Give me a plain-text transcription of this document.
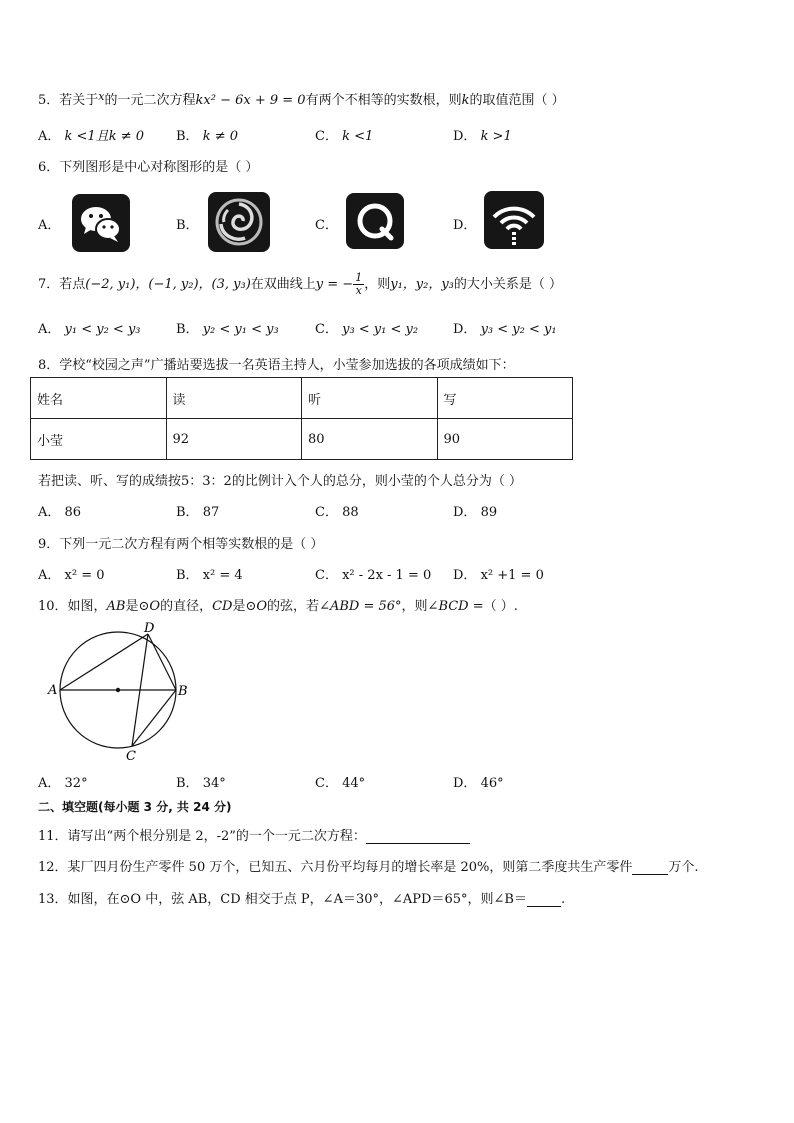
5．若关于$^x$的一元二次方程kx² − 6x + 9 = 0有两个不相等的实数根，则k的取值范围（ ）
A． k <1且k ≠ 0 B． k ≠ 0	C． k <1	D． k >1
6．下列图形是中心对称图形的是（ ）
A．	B．	C．	D．
7．若点(−2, y₁)，(−1, y₂)，(3, y₃)在双曲线上y = − $\frac{1}{x}$ ，则y₁，y₂，y₃的大小关系是（ ）
A． y₁ < y₂ < y₃	B． y₂ < y₁ < y₃	C． y₃ < y₁ < y₂	D． y₃ < y₂ < y₁
8．学校“校园之声”广播站要选拔一名英语主持人，小莹参加选拔的各项成绩如下：
姓名	读	听	写
小莹	92	80	90
若把读、听、写的成绩按5：3：2的比例计入个人的总分，则小莹的个人总分为（ ）
A． 86	B． 87	C． 88	D． 89
9．下列一元二次方程有两个相等实数根的是（ ）
A． x² = 0	B． x² = 4	C． x² - 2x - 1 = 0 D． x² +1 = 0
10．如图，AB是⊙O的直径，CD是⊙O的弦，若∠ABD = 56°，则∠BCD =（ ）.
A	B
C
D
A． 32°	B． 34°	C． 44°	D． 46°
二、填空题(每小题 3 分, 共 24 分)
11．请写出“两个根分别是 2，-2”的一个一元二次方程：
12．某厂四月份生产零件 50 万个，已知五、六月份平均每月的增长率是 20%，则第二季度共生产零件	万个.
13．如图，在⊙O 中，弦 AB，CD 相交于点 P，∠A＝30°，∠APD＝65°，则∠B＝	.
